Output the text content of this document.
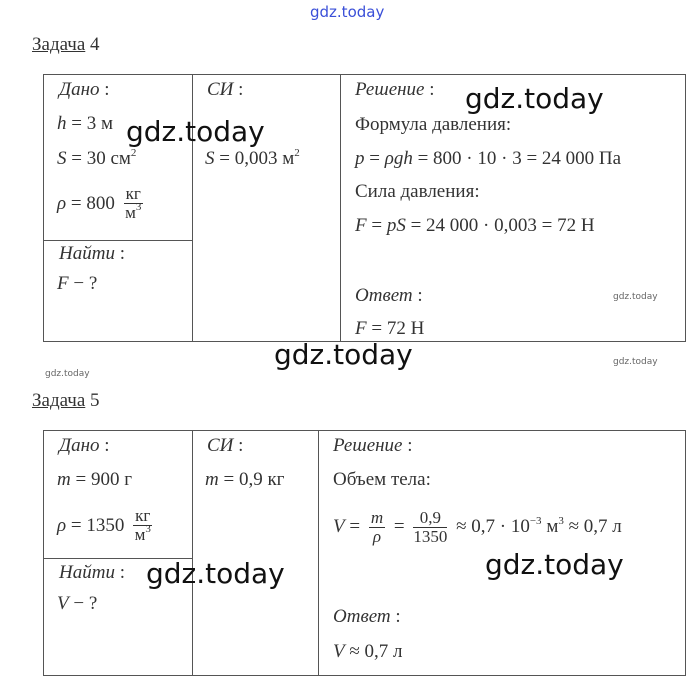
gdz.today
Задача 4
Дано :
h = 3 м
S = 30 $см^2$
$\rho = 800 \frac{кг}{м^3}$
Найти :
F − ?
СИ :
S = 0,003 $м^2$
Решение :
Формула давления:
p = ρgh = 800 · 10 · 3 = 24 000 Па
Сила давления:
F = pS = 24 000 · 0,003 = 72 Н
Ответ :
F = 72 Н
gdz.today
gdz.today
gdz.today
gdz.today
gdz.today
gdz.today
Задача 5
Дано :
m = 900 г
$\rho = 1350 \frac{кг}{м^3}$
Найти :
V − ?
СИ :
m = 0,9 кг
Решение :
Объем тела:
$V = \frac{m}{\rho} = \frac{0,9}{1350} \approx 0,7 \cdot 10^{-3}$ $м^3 \approx 0,7$ л
Ответ :
V ≈ 0,7 л
gdz.today	gdz.today
